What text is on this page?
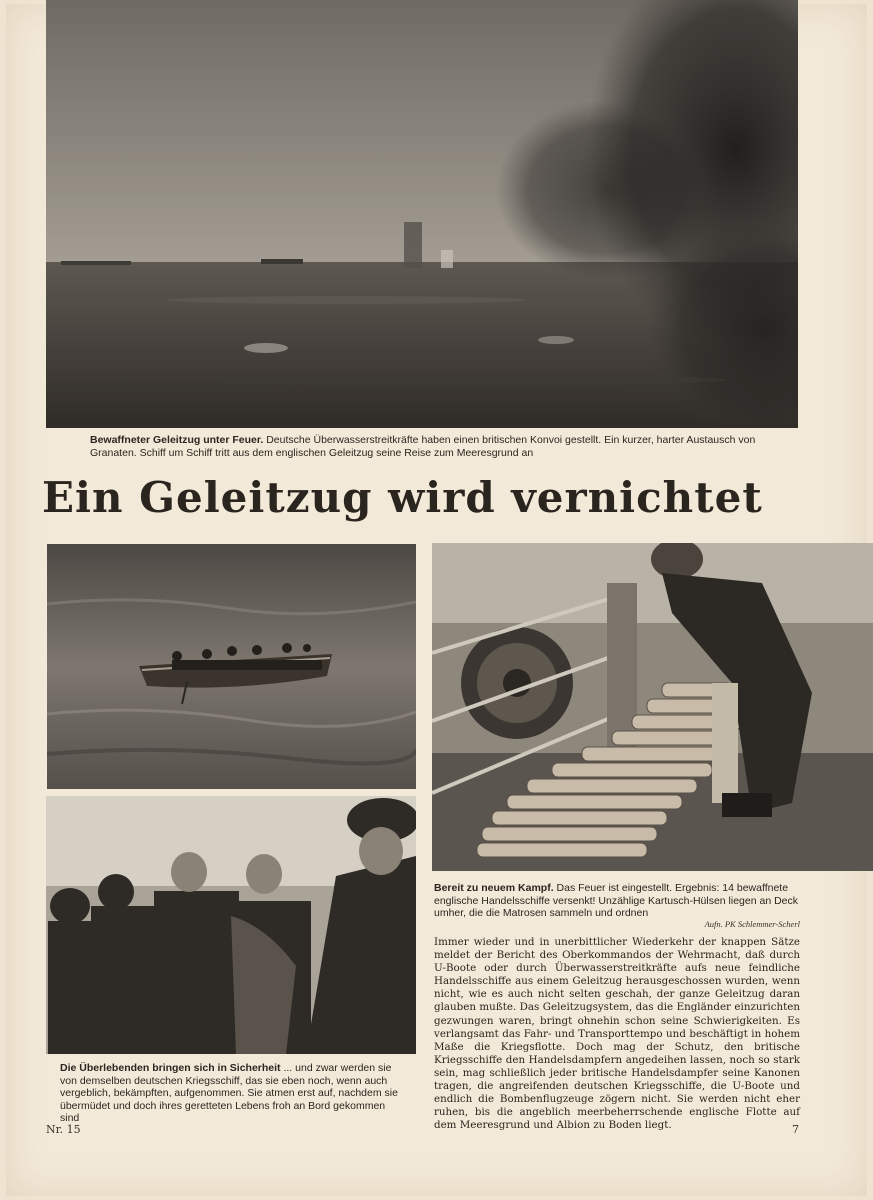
Bewaffneter Geleitzug unter Feuer. Deutsche Überwasserstreitkräfte haben einen britischen Konvoi gestellt. Ein kurzer, harter Austausch von Granaten. Schiff um Schiff tritt aus dem englischen Geleitzug seine Reise zum Meeresgrund an
Ein Geleitzug wird vernichtet
Bereit zu neuem Kampf. Das Feuer ist eingestellt. Ergebnis: 14 bewaffnete englische Handelsschiffe versenkt! Unzählige Kartusch-Hülsen liegen an Deck umher, die die Matrosen sammeln und ordnen
Aufn. PK Schlemmer-Scherl
Die Überlebenden bringen sich in Sicherheit ... und zwar werden sie von demselben deutschen Kriegsschiff, das sie eben noch, wenn auch vergeblich, bekämpften, aufgenommen. Sie atmen erst auf, nachdem sie übermüdet und doch ihres geretteten Lebens froh an Bord gekommen sind
Immer wieder und in unerbittlicher Wiederkehr der knappen Sätze meldet der Bericht des Oberkommandos der Wehrmacht, daß durch U-Boote oder durch Überwasserstreitkräfte aufs neue feindliche Handelsschiffe aus einem Geleitzug herausgeschossen wurden, wenn nicht, wie es auch nicht selten geschah, der ganze Geleitzug daran glauben mußte. Das Geleitzugsystem, das die Engländer einzurichten gezwungen waren, bringt ohnehin schon seine Schwierigkeiten. Es verlangsamt das Fahr- und Transporttempo und beschäftigt in hohem Maße die Kriegsflotte. Doch mag der Schutz, den britische Kriegsschiffe den Handelsdampfern angedeihen lassen, noch so stark sein, mag schließlich jeder britische Handelsdampfer seine Kanonen tragen, die angreifenden deutschen Kriegsschiffe, die U-Boote und endlich die Bombenflugzeuge zögern nicht. Sie werden nicht eher ruhen, bis die angeblich meerbeherrschende englische Flotte auf dem Meeresgrund und Albion zu Boden liegt.
Nr. 15	7
